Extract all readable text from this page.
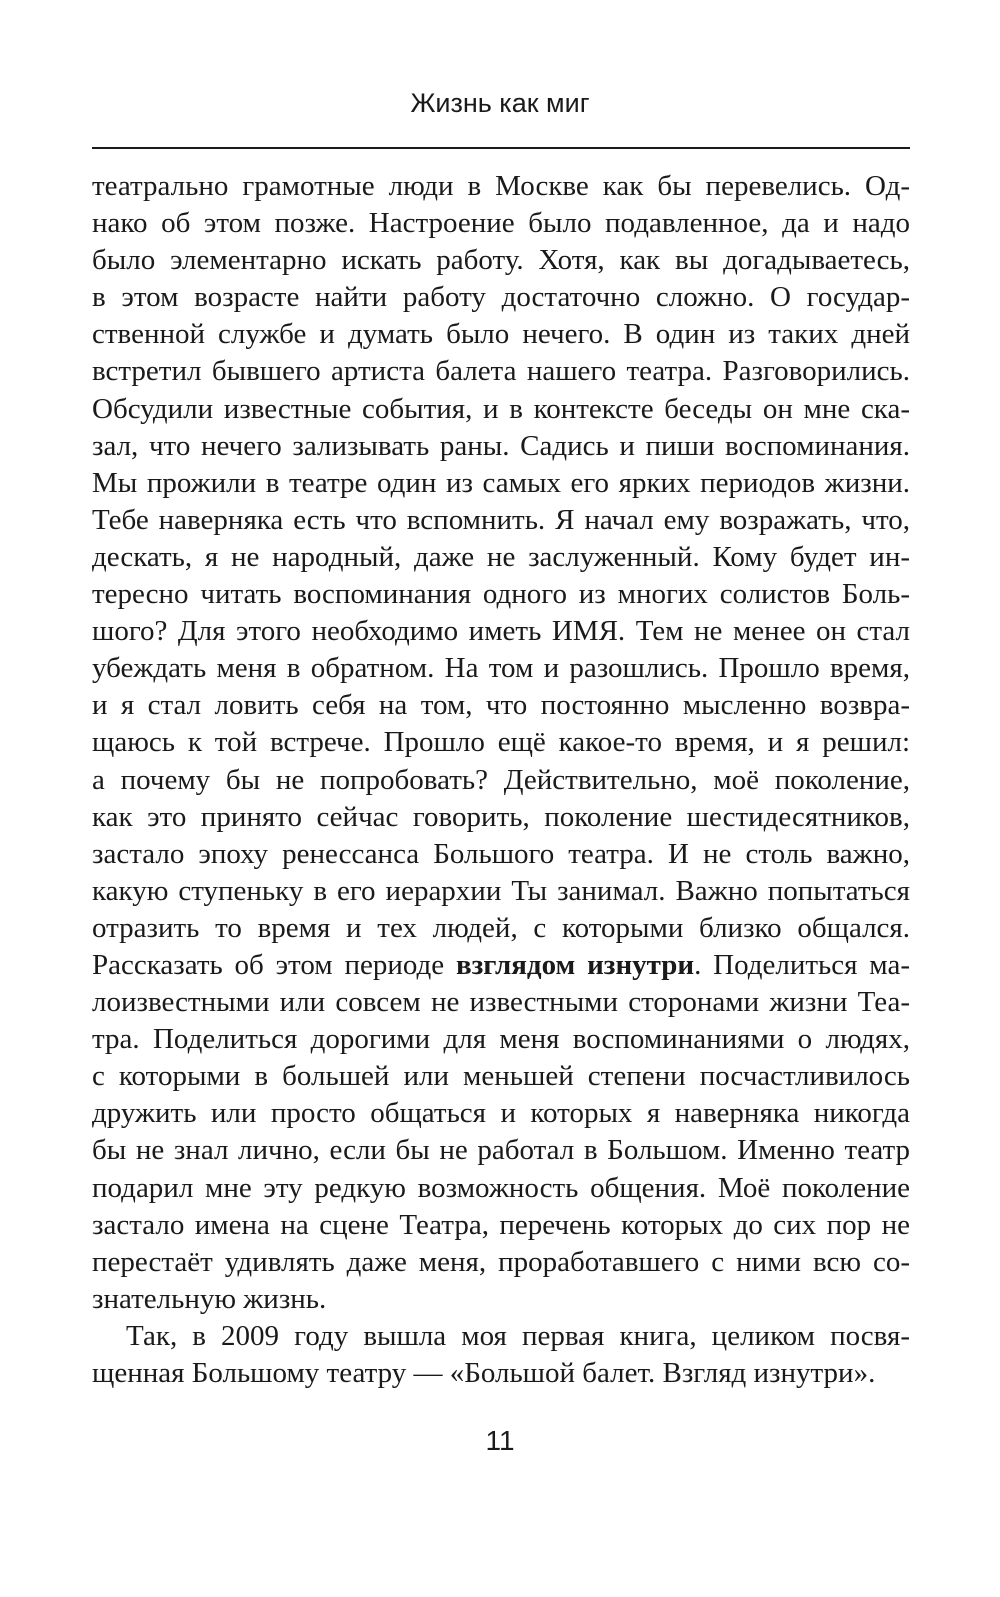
Жизнь как миг
театрально грамотные люди в Москве как бы перевелись. Од-
нако об этом позже. Настроение было подавленное, да и надо
было элементарно искать работу. Хотя, как вы догадываетесь,
в этом возрасте найти работу достаточно сложно. О государ-
ственной службе и думать было нечего. В один из таких дней
встретил бывшего артиста балета нашего театра. Разговорились.
Обсудили известные события, и в контексте беседы он мне ска-
зал, что нечего зализывать раны. Садись и пиши воспоминания.
Мы прожили в театре один из самых его ярких периодов жизни.
Тебе наверняка есть что вспомнить. Я начал ему возражать, что,
дескать, я не народный, даже не заслуженный. Кому будет ин-
тересно читать воспоминания одного из многих солистов Боль-
шого? Для этого необходимо иметь ИМЯ. Тем не менее он стал
убеждать меня в обратном. На том и разошлись. Прошло время,
и я стал ловить себя на том, что постоянно мысленно возвра-
щаюсь к той встрече. Прошло ещё какое-то время, и я решил:
а почему бы не попробовать? Действительно, моё поколение,
как это принято сейчас говорить, поколение шестидесятников,
застало эпоху ренессанса Большого театра. И не столь важно,
какую ступеньку в его иерархии Ты занимал. Важно попытаться
отразить то время и тех людей, с которыми близко общался.
Рассказать об этом периоде взглядом изнутри. Поделиться ма-
лоизвестными или совсем не известными сторонами жизни Теа-
тра. Поделиться дорогими для меня воспоминаниями о людях,
с которыми в большей или меньшей степени посчастливилось
дружить или просто общаться и которых я наверняка никогда
бы не знал лично, если бы не работал в Большом. Именно театр
подарил мне эту редкую возможность общения. Моё поколение
застало имена на сцене Театра, перечень которых до сих пор не
перестаёт удивлять даже меня, проработавшего с ними всю со-
знательную жизнь.
Так, в 2009 году вышла моя первая книга, целиком посвя-
щенная Большому театру — «Большой балет. Взгляд изнутри».
11
